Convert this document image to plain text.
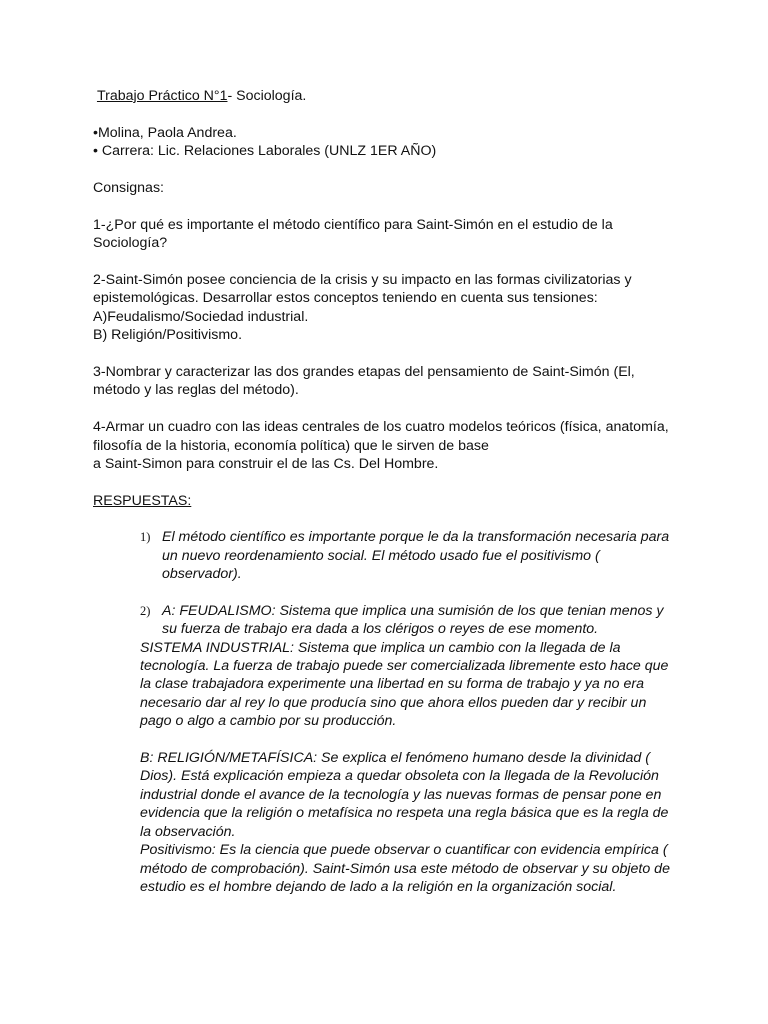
Trabajo Práctico N°1- Sociología.
•Molina, Paola Andrea.
• Carrera: Lic. Relaciones Laborales (UNLZ 1ER AÑO)
Consignas:
1-¿Por qué es importante el método científico para Saint-Simón en el estudio de la
Sociología?
2-Saint-Simón posee conciencia de la crisis y su impacto en las formas civilizatorias y
epistemológicas. Desarrollar estos conceptos teniendo en cuenta sus tensiones:
A)Feudalismo/Sociedad industrial.
B) Religión/Positivismo.
3-Nombrar y caracterizar las dos grandes etapas del pensamiento de Saint-Simón (El,
método y las reglas del método).
4-Armar un cuadro con las ideas centrales de los cuatro modelos teóricos (física, anatomía,
filosofía de la historia, economía política) que le sirven de base
a Saint-Simon para construir el de las Cs. Del Hombre.
RESPUESTAS:
1) El método científico es importante porque le da la transformación necesaria para
un nuevo reordenamiento social. El método usado fue el positivismo (
observador).
2) A: FEUDALISMO: Sistema que implica una sumisión de los que tenian menos y
su fuerza de trabajo era dada a los clérigos o reyes de ese momento.
SISTEMA INDUSTRIAL: Sistema que implica un cambio con la llegada de la
tecnología. La fuerza de trabajo puede ser comercializada libremente esto hace que
la clase trabajadora experimente una libertad en su forma de trabajo y ya no era
necesario dar al rey lo que producía sino que ahora ellos pueden dar y recibir un
pago o algo a cambio por su producción.
B: RELIGIÓN/METAFÍSICA: Se explica el fenómeno humano desde la divinidad (
Dios). Está explicación empieza a quedar obsoleta con la llegada de la Revolución
industrial donde el avance de la tecnología y las nuevas formas de pensar pone en
evidencia que la religión o metafísica no respeta una regla básica que es la regla de
la observación.
Positivismo: Es la ciencia que puede observar o cuantificar con evidencia empírica (
método de comprobación). Saint-Simón usa este método de observar y su objeto de
estudio es el hombre dejando de lado a la religión en la organización social.
